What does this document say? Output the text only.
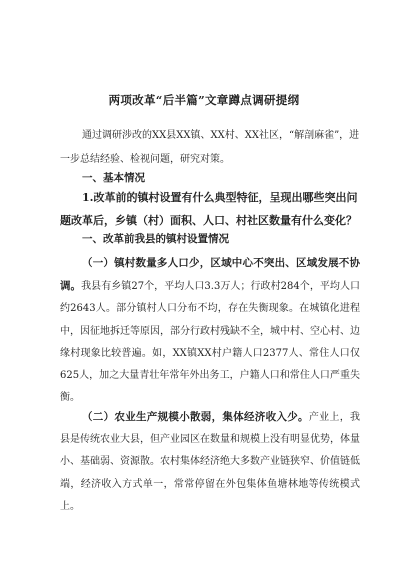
两项改革“后半篇”文章蹲点调研提纲
通过调研涉改的XX县XX镇、XX村、XX社区，“解剖麻雀”，进一步总结经验、检视问题，研究对策。
一、基本情况
1.改革前的镇村设置有什么典型特征，呈现出哪些突出问题改革后，乡镇（村）面积、人口、村社区数量有什么变化？
一、改革前我县的镇村设置情况
（一）镇村数量多人口少，区域中心不突出、区域发展不协调。我县有乡镇27个，平均人口3.3万人；行政村284个，平均人口约2643人。部分镇村人口分布不均，存在失衡现象。在城镇化进程中，因征地拆迁等原因，部分行政村残缺不全，城中村、空心村、边缘村现象比较普遍。如，XX镇XX村户籍人口2377人、常住人口仅625人，加之大量青壮年常年外出务工，户籍人口和常住人口严重失衡。
（二）农业生产规模小散弱，集体经济收入少。产业上，我县是传统农业大县，但产业园区在数量和规模上没有明显优势，体量小、基础弱、资源散。农村集体经济绝大多数产业链狭窄、价值链低端，经济收入方式单一，常常停留在外包集体鱼塘林地等传统模式上。
